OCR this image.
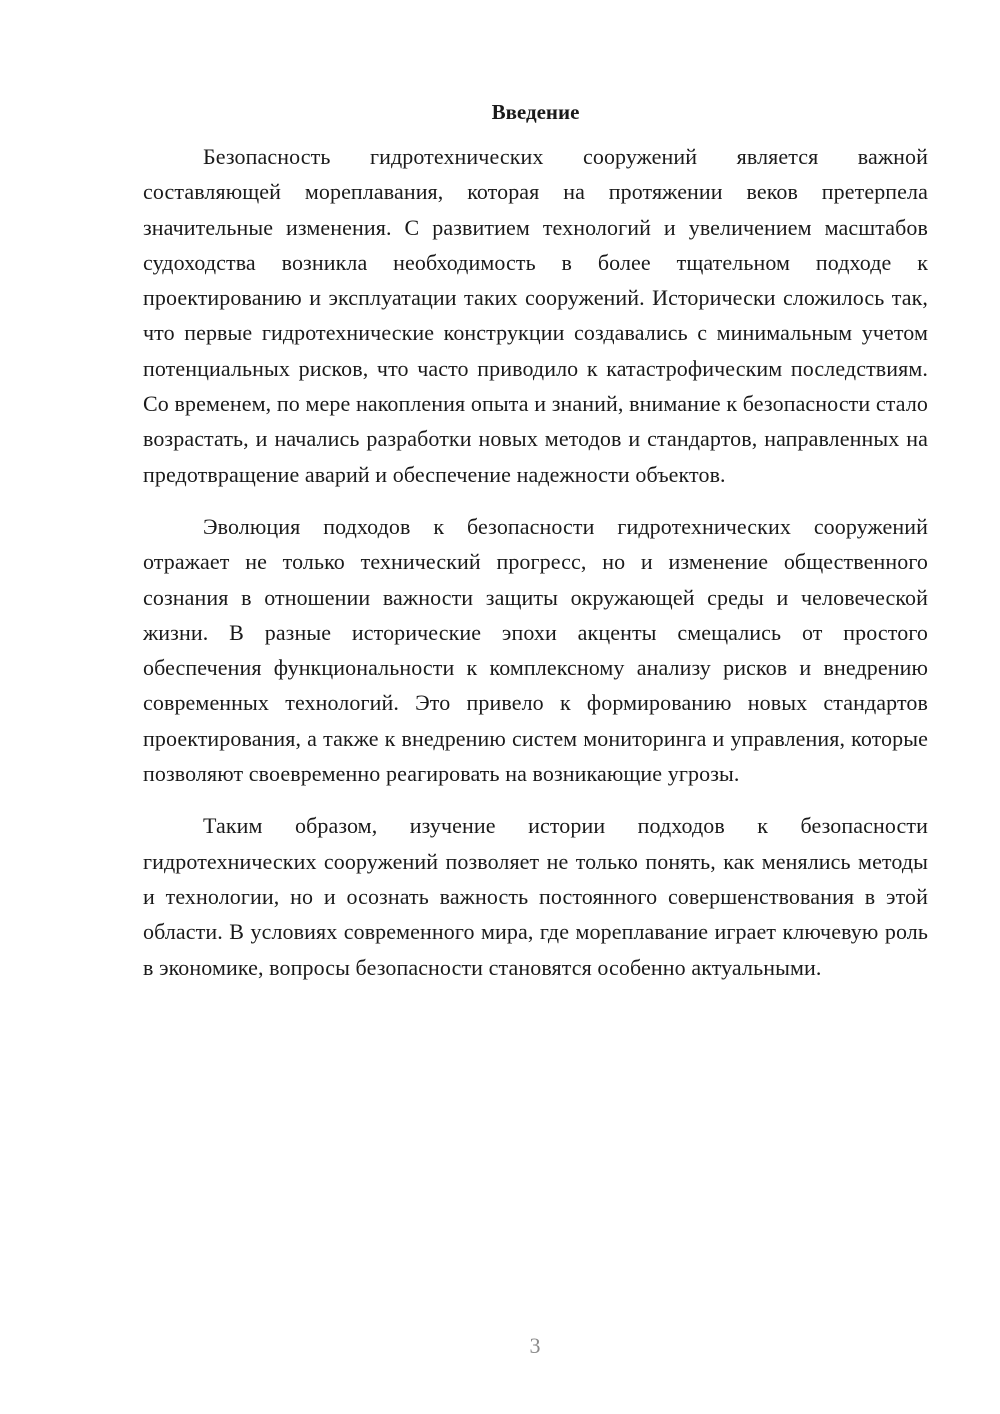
Введение

Безопасность гидротехнических сооружений является важной составляющей мореплавания, которая на протяжении веков претерпела значительные изменения. С развитием технологий и увеличением масштабов судоходства возникла необходимость в более тщательном подходе к проектированию и эксплуатации таких сооружений. Исторически сложилось так, что первые гидротехнические конструкции создавались с минимальным учетом потенциальных рисков, что часто приводило к катастрофическим последствиям. Со временем, по мере накопления опыта и знаний, внимание к безопасности стало возрастать, и начались разработки новых методов и стандартов, направленных на предотвращение аварий и обеспечение надежности объектов.

Эволюция подходов к безопасности гидротехнических сооружений отражает не только технический прогресс, но и изменение общественного сознания в отношении важности защиты окружающей среды и человеческой жизни. В разные исторические эпохи акценты смещались от простого обеспечения функциональности к комплексному анализу рисков и внедрению современных технологий. Это привело к формированию новых стандартов проектирования, а также к внедрению систем мониторинга и управления, которые позволяют своевременно реагировать на возникающие угрозы.

Таким образом, изучение истории подходов к безопасности гидротехнических сооружений позволяет не только понять, как менялись методы и технологии, но и осознать важность постоянного совершенствования в этой области. В условиях современного мира, где мореплавание играет ключевую роль в экономике, вопросы безопасности становятся особенно актуальными.

3
